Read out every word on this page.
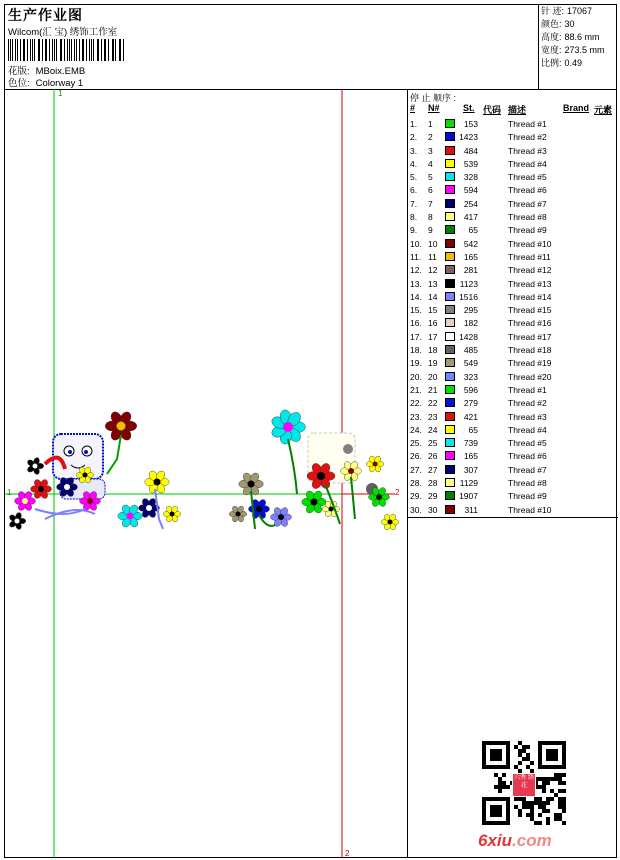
生产作业图
Wilcom(汇 宝) 绣饰工作室
花版: MBoix.EMB
色位: Colorway 1
针 迹: 17067
颜色: 30
高度: 88.6 mm
宽度: 273.5 mm
比例: 0.49
1
1	2
2
停 止 顺序 :
# N#	St. 代码 描述	Brand 元素
1. 1	153	Thread #1
2. 2	1423	Thread #2
3. 3	484	Thread #3
4. 4	539	Thread #4
5. 5	328	Thread #5
6. 6	594	Thread #6
7. 7	254	Thread #7
8. 8	417	Thread #8
9. 9	65	Thread #9
10. 10	542	Thread #10
11. 11	165	Thread #11
12. 12	281	Thread #12
13. 13	1123	Thread #13
14. 14	1516	Thread #14
15. 15	295	Thread #15
16. 16	182	Thread #16
17. 17	1428	Thread #17
18. 18	485	Thread #18
19. 19	549	Thread #19
20. 20	323	Thread #20
21. 21	596	Thread #1
22. 22	279	Thread #2
23. 23	421	Thread #3
24. 24	65	Thread #4
25. 25	739	Thread #5
26. 26	165	Thread #6
27. 27	307	Thread #7
28. 28	1129	Thread #8
29. 29	1907	Thread #9
30. 30	311	Thread #10
六秀 绣花
6xiu.com
